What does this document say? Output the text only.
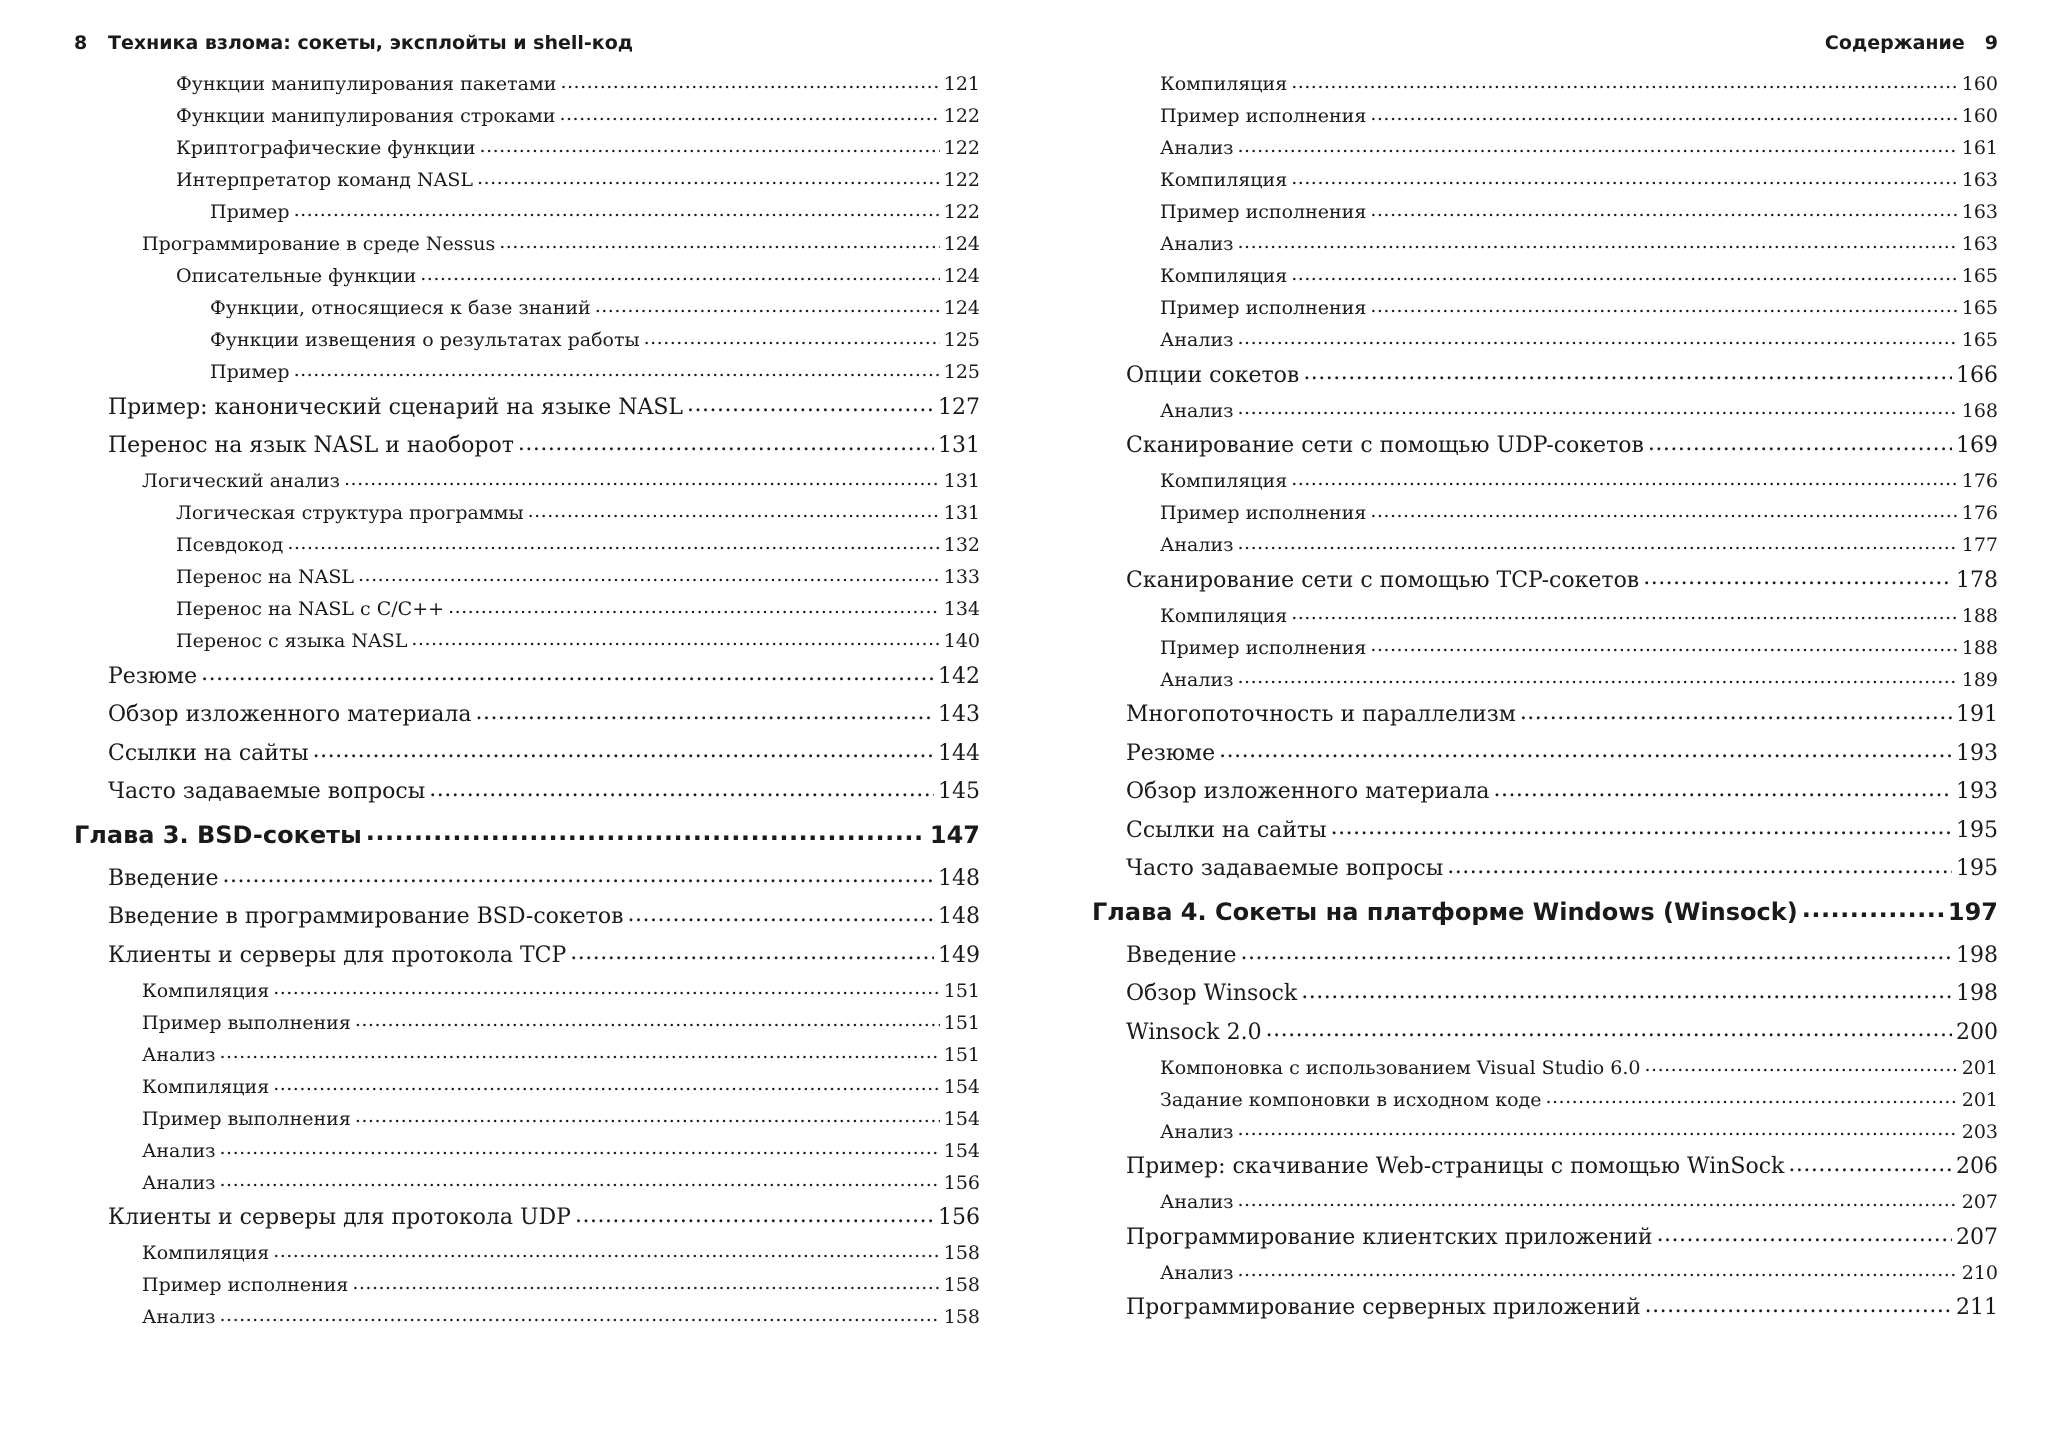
8	Техника взлома: сокеты, эксплойты и shell-код
Функции манипулирования пакетами .....	121
Функции манипулирования строками .....	122
Криптографические функции .....	122
Интерпретатор команд NASL .....	122
Пример .....	122
Программирование в среде Nessus .....	124
Описательные функции .....	124
Функции, относящиеся к базе знаний .....	124
Функции извещения о результатах работы .....	125
Пример .....	125
Пример: канонический сценарий на языке NASL .....	127
Перенос на язык NASL и наоборот .....	131
Логический анализ .....	131
Логическая структура программы .....	131
Псевдокод .....	132
Перенос на NASL .....	133
Перенос на NASL с C/C++ .....	134
Перенос с языка NASL .....	140
Резюме .....	142
Обзор изложенного материала .....	143
Ссылки на сайты .....	144
Часто задаваемые вопросы .....	145
Глава 3. BSD-сокеты .....	147
Введение .....	148
Введение в программирование BSD-сокетов .....	148
Клиенты и серверы для протокола TCP .....	149
Компиляция .....	151
Пример выполнения .....	151
Анализ .....	151
Компиляция .....	154
Пример выполнения .....	154
Анализ .....	154
Анализ .....	156
Клиенты и серверы для протокола UDP .....	156
Компиляция .....	158
Пример исполнения .....	158
Анализ .....	158
Содержание 9
Компиляция .....	160
Пример исполнения .....	160
Анализ .....	161
Компиляция .....	163
Пример исполнения .....	163
Анализ .....	163
Компиляция .....	165
Пример исполнения .....	165
Анализ .....	165
Опции сокетов .....	166
Анализ .....	168
Сканирование сети с помощью UDP-сокетов .....	169
Компиляция .....	176
Пример исполнения .....	176
Анализ .....	177
Сканирование сети с помощью TCP-сокетов .....	178
Компиляция .....	188
Пример исполнения .....	188
Анализ .....	189
Многопоточность и параллелизм .....	191
Резюме .....	193
Обзор изложенного материала .....	193
Ссылки на сайты .....	195
Часто задаваемые вопросы .....	195
Глава 4. Сокеты на платформе Windows (Winsock) .....	197
Введение .....	198
Обзор Winsock .....	198
Winsock 2.0 .....	200
Компоновка с использованием Visual Studio 6.0 .....	201
Задание компоновки в исходном коде .....	201
Анализ .....	203
Пример: скачивание Web-страницы с помощью WinSock .....	206
Анализ .....	207
Программирование клиентских приложений .....	207
Анализ .....	210
Программирование серверных приложений .....	211
